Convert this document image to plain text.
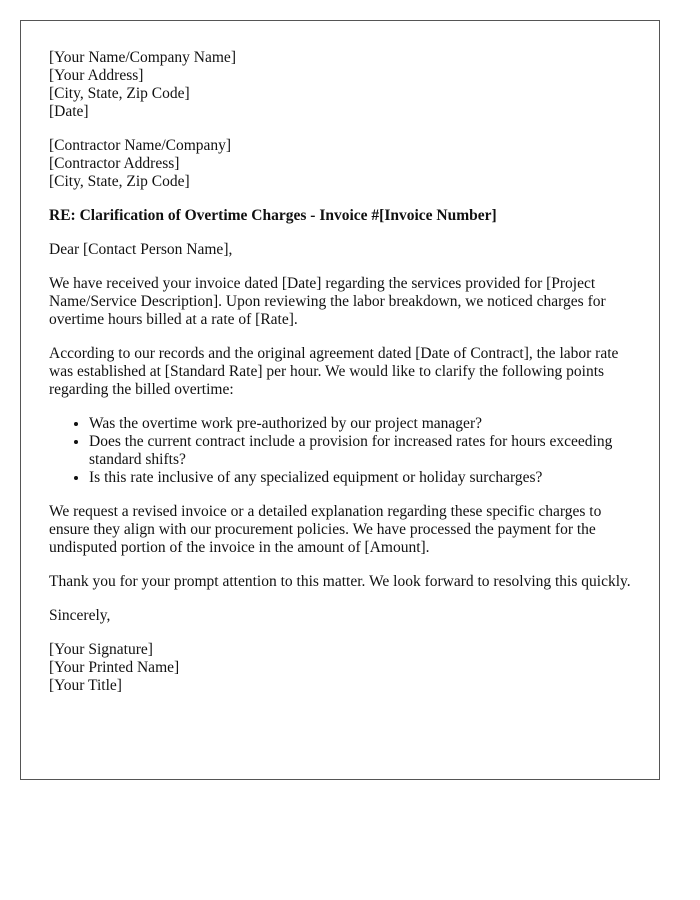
[Your Name/Company Name]
[Your Address]
[City, State, Zip Code]
[Date]
[Contractor Name/Company]
[Contractor Address]
[City, State, Zip Code]

RE: Clarification of Overtime Charges - Invoice #[Invoice Number]

Dear [Contact Person Name],

We have received your invoice dated [Date] regarding the services provided for [Project Name/Service Description]. Upon reviewing the labor breakdown, we noticed charges for overtime hours billed at a rate of [Rate].

According to our records and the original agreement dated [Date of Contract], the labor rate was established at [Standard Rate] per hour. We would like to clarify the following points regarding the billed overtime:

• Was the overtime work pre-authorized by our project manager?
• Does the current contract include a provision for increased rates for hours exceeding standard shifts?
• Is this rate inclusive of any specialized equipment or holiday surcharges?

We request a revised invoice or a detailed explanation regarding these specific charges to ensure they align with our procurement policies. We have processed the payment for the undisputed portion of the invoice in the amount of [Amount].

Thank you for your prompt attention to this matter. We look forward to resolving this quickly.

Sincerely,

[Your Signature]
[Your Printed Name]
[Your Title]
